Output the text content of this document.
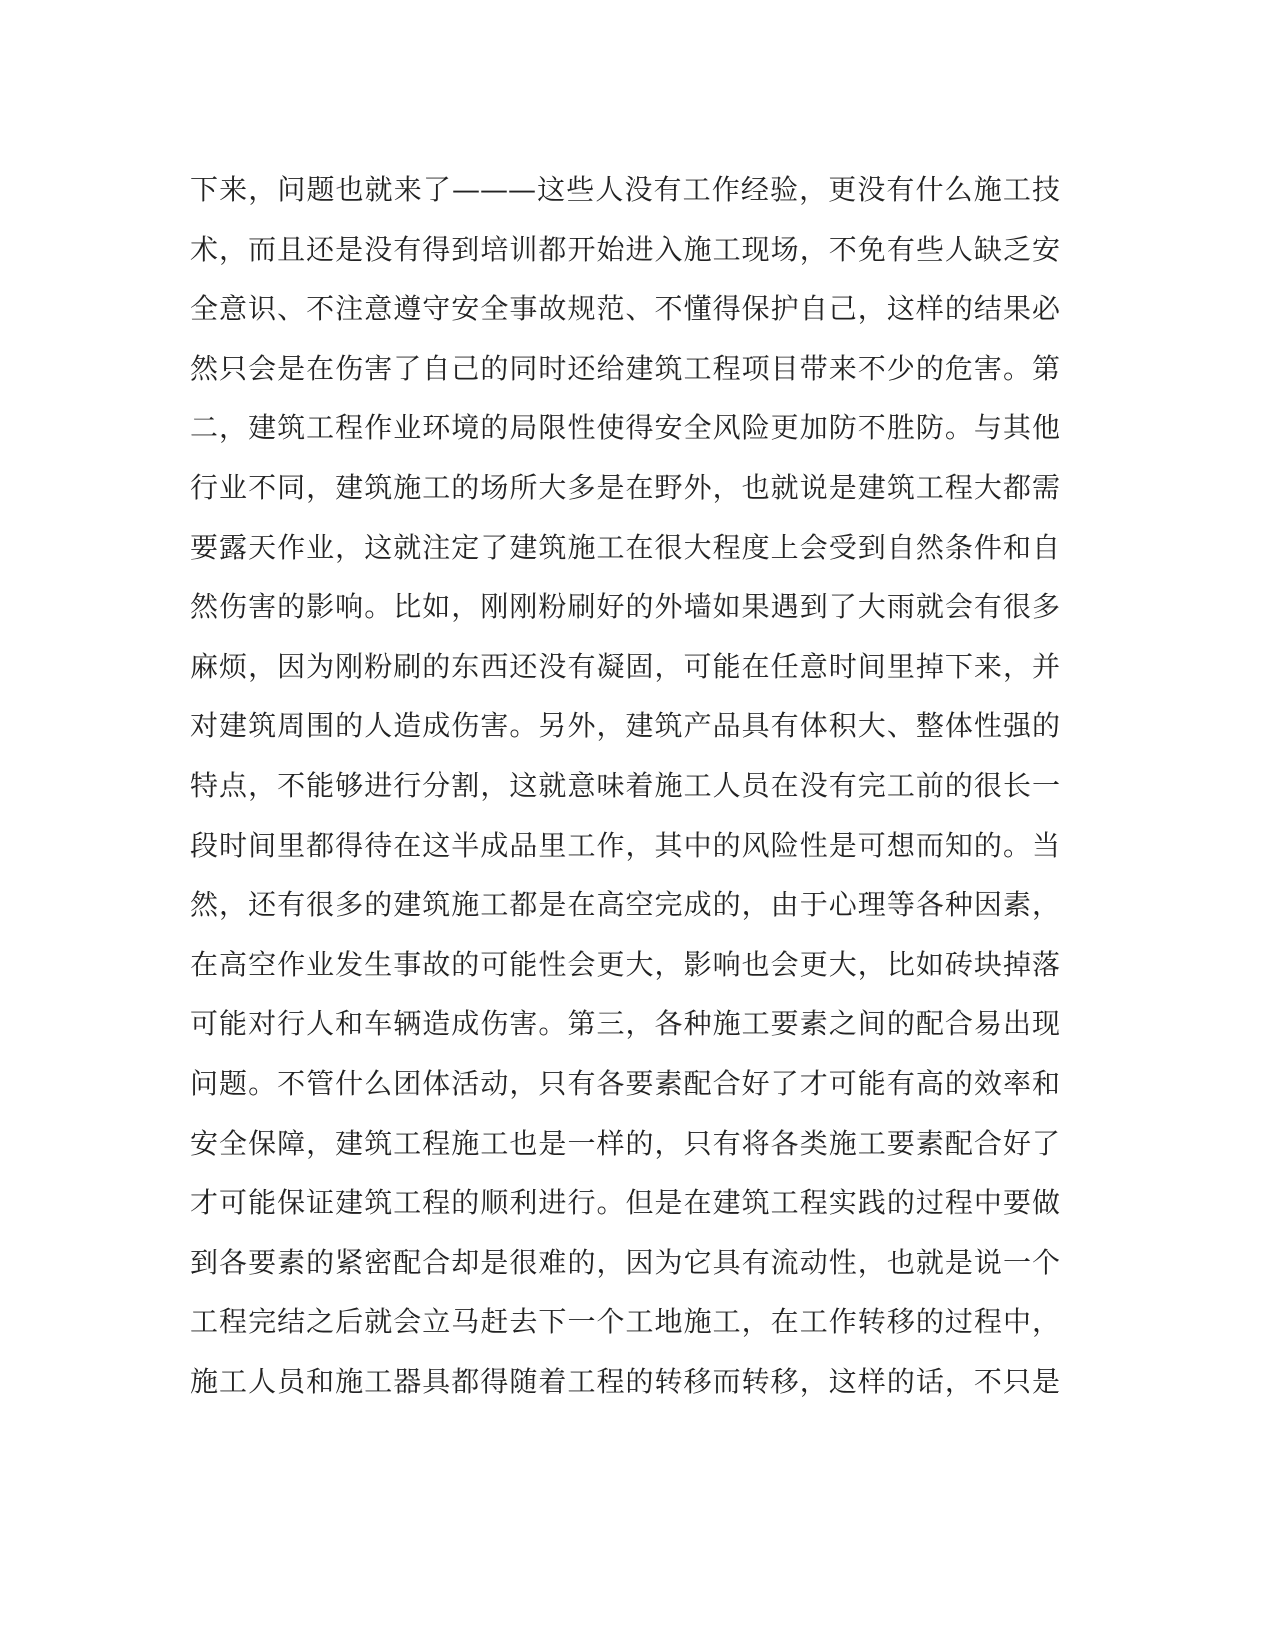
下来，问题也就来了———这些人没有工作经验，更没有什么施工技
术，而且还是没有得到培训都开始进入施工现场，不免有些人缺乏安
全意识、不注意遵守安全事故规范、不懂得保护自己，这样的结果必
然只会是在伤害了自己的同时还给建筑工程项目带来不少的危害。第
二，建筑工程作业环境的局限性使得安全风险更加防不胜防。与其他
行业不同，建筑施工的场所大多是在野外，也就说是建筑工程大都需
要露天作业，这就注定了建筑施工在很大程度上会受到自然条件和自
然伤害的影响。比如，刚刚粉刷好的外墙如果遇到了大雨就会有很多
麻烦，因为刚粉刷的东西还没有凝固，可能在任意时间里掉下来，并
对建筑周围的人造成伤害。另外，建筑产品具有体积大、整体性强的
特点，不能够进行分割，这就意味着施工人员在没有完工前的很长一
段时间里都得待在这半成品里工作，其中的风险性是可想而知的。当
然，还有很多的建筑施工都是在高空完成的，由于心理等各种因素，
在高空作业发生事故的可能性会更大，影响也会更大，比如砖块掉落
可能对行人和车辆造成伤害。第三，各种施工要素之间的配合易出现
问题。不管什么团体活动，只有各要素配合好了才可能有高的效率和
安全保障，建筑工程施工也是一样的，只有将各类施工要素配合好了
才可能保证建筑工程的顺利进行。但是在建筑工程实践的过程中要做
到各要素的紧密配合却是很难的，因为它具有流动性，也就是说一个
工程完结之后就会立马赶去下一个工地施工，在工作转移的过程中，
施工人员和施工器具都得随着工程的转移而转移，这样的话，不只是
